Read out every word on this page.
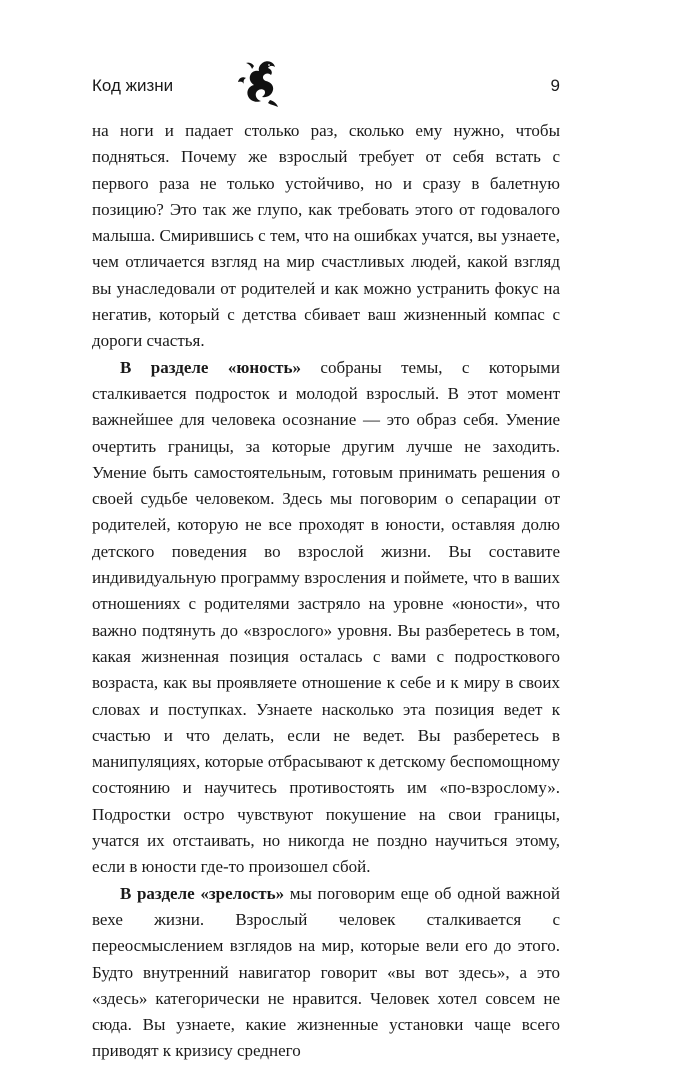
Код жизни	9

на ноги и падает столько раз, сколько ему нужно, чтобы подняться. Почему же взрослый требует от себя встать с первого раза не только устойчиво, но и сразу в балетную позицию? Это так же глупо, как требовать этого от годовалого малыша. Смирившись с тем, что на ошибках учатся, вы узнаете, чем отличается взгляд на мир счастливых людей, какой взгляд вы унаследовали от родителей и как можно устранить фокус на негатив, который с детства сбивает ваш жизненный компас с дороги счастья.

В разделе «юность» собраны темы, с которыми сталкивается подросток и молодой взрослый. В этот момент важнейшее для человека осознание — это образ себя. Умение очертить границы, за которые другим лучше не заходить. Умение быть самостоятельным, готовым принимать решения о своей судьбе человеком. Здесь мы поговорим о сепарации от родителей, которую не все проходят в юности, оставляя долю детского поведения во взрослой жизни. Вы составите индивидуальную программу взросления и поймете, что в ваших отношениях с родителями застряло на уровне «юности», что важно подтянуть до «взрослого» уровня. Вы разберетесь в том, какая жизненная позиция осталась с вами с подросткового возраста, как вы проявляете отношение к себе и к миру в своих словах и поступках. Узнаете насколько эта позиция ведет к счастью и что делать, если не ведет. Вы разберетесь в манипуляциях, которые отбрасывают к детскому беспомощному состоянию и научитесь противостоять им «по-взрослому». Подростки остро чувствуют покушение на свои границы, учатся их отстаивать, но никогда не поздно научиться этому, если в юности где-то произошел сбой.

В разделе «зрелость» мы поговорим еще об одной важной вехе жизни. Взрослый человек сталкивается с переосмыслением взглядов на мир, которые вели его до этого. Будто внутренний навигатор говорит «вы вот здесь», а это «здесь» категорически не нравится. Человек хотел совсем не сюда. Вы узнаете, какие жизненные установки чаще всего приводят к кризису среднего
